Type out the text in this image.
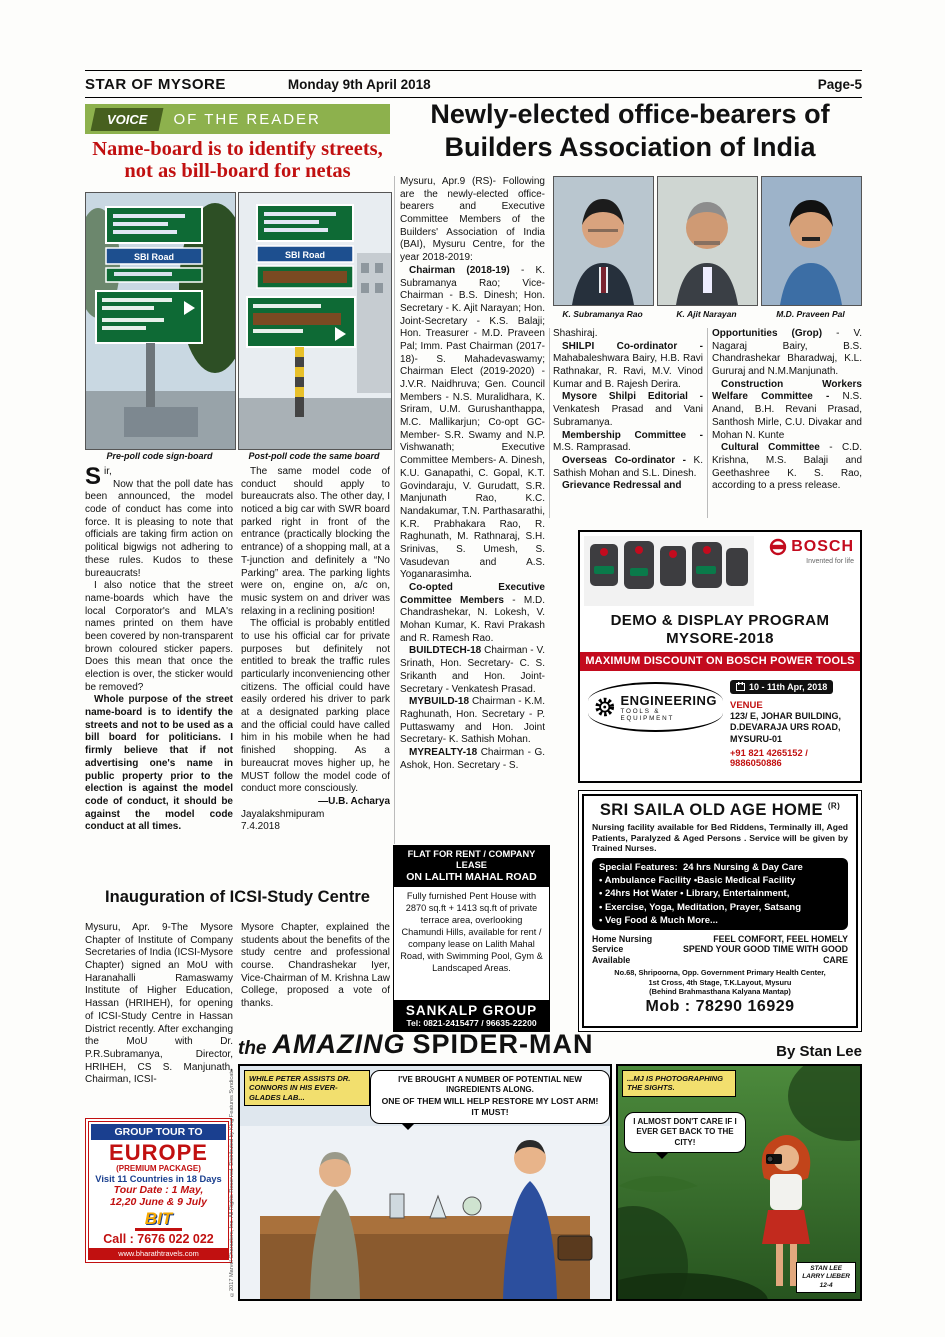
STAR OF MYSORE	Monday 9th April 2018	Page-5
VOICE	OF THE READER
Name-board is to identify streets,
not as bill-board for netas
SBI Road	SBI Road
Pre-poll code sign-board	Post-poll code the same board

Sir,

Now that the poll date has been announced, the model code of conduct has come into force. It is pleasing to note that officials are taking firm action on political bigwigs not adhering to these rules. Kudos to these bureaucrats!

I also notice that the street name-boards which have the local Corporator's and MLA's names printed on them have been covered by non-transparent brown coloured sticker papers. Does this mean that once the election is over, the sticker would be removed?

Whole purpose of the street name-board is to identify the streets and not to be used as a bill board for politicians. I firmly believe that if not advertising one's name in public property prior to the election is against the model code of conduct, it should be against the model code conduct at all times.

The same model code of conduct should apply to bureaucrats also. The other day, I noticed a big car with SWR board parked right in front of the entrance (practically blocking the entrance) of a shopping mall, at a T-junction and definitely a “No Parking” area. The parking lights were on, engine on, a/c on, music system on and driver was relaxing in a reclining position!

The official is probably entitled to use his official car for private purposes but definitely not entitled to break the traffic rules particularly inconveniencing other citizens. The official could have easily ordered his driver to park at a designated parking place and the official could have called him in his mobile when he had finished shopping. As a bureaucrat moves higher up, he MUST follow the model code of conduct more consciously.

—U.B. Acharya

Jayalakshmipuram

7.4.2018

Newly-elected office-bearers of
Builders Association of India

Mysuru, Apr.9 (RS)- Following are the newly-elected office-bearers and Executive Committee Members of the Builders' Association of India (BAI), Mysuru Centre, for the year 2018-2019:

Chairman (2018-19) - K. Subramanya Rao; Vice-Chairman - B.S. Dinesh; Hon. Secretary - K. Ajit Narayan; Hon. Joint-Secretary - K.S. Balaji; Hon. Treasurer - M.D. Praveen Pal; Imm. Past Chairman (2017-18)- S. Mahadevaswamy; Chairman Elect (2019-2020) - J.V.R. Naidhruva; Gen. Council Members - N.S. Muralidhara, K. Sriram, U.M. Gurushanthappa, M.C. Mallikarjun; Co-opt GC-Member- S.R. Swamy and N.P. Vishwanath; Executive Committee Members- A. Dinesh, K.U. Ganapathi, C. Gopal, K.T. Govindaraju, V. Gurudatt, S.R. Manjunath Rao, K.C. Nandakumar, T.N. Parthasarathi, K.R. Prabhakara Rao, R. Raghunath, M. Rathnaraj, S.H. Srinivas, S. Umesh, S. Vasudevan and A.S. Yoganarasimha.

Co-opted Executive Committee Members - M.D. Chandrashekar, N. Lokesh, V. Mohan Kumar, K. Ravi Prakash and R. Ramesh Rao.

BUILDTECH-18 Chairman - V. Srinath, Hon. Secretary- C. S. Srikanth and Hon. Joint-Secretary - Venkatesh Prasad.

MYBUILD-18 Chairman - K.M. Raghunath, Hon. Secretary - P. Puttaswamy and Hon. Joint Secretary- K. Sathish Mohan.

MYREALTY-18 Chairman - G. Ashok, Hon. Secretary - S.

K. Subramanya Rao	K. Ajit Narayan	M.D. Praveen Pal

Shashiraj.

SHILPI Co-ordinator - Mahabaleshwara Bairy, H.B. Ravi Rathnakar, R. Ravi, M.V. Vinod Kumar and B. Rajesh Derira.

Mysore Shilpi Editorial - Venkatesh Prasad and Vani Subramanya.

Membership Committee - M.S. Ramprasad.

Overseas Co-ordinator - K. Sathish Mohan and S.L. Dinesh.

Grievance Redressal and

Opportunities (Grop) - V. Nagaraj Bairy, B.S. Chandrashekar Bharadwaj, K.L. Gururaj and N.M.Manjunath.

Construction Workers Welfare Committee - N.S. Anand, B.H. Revani Prasad, Santhosh Mirle, C.U. Divakar and Mohan N. Kunte

Cultural Committee - C.D. Krishna, M.S. Balaji and Geethashree K. S. Rao, according to a press release.

BOSCH
Invented for life
DEMO & DISPLAY PROGRAM
MYSORE-2018
MAXIMUM DISCOUNT ON BOSCH POWER TOOLS
10 - 11th Apr, 2018
ENGINEERING
TOOLS & EQUIPMENT
VENUE
123/ E, JOHAR BUILDING,
D.DEVARAJA URS ROAD,
MYSURU-01
+91 821 4265152 / 9886050886
SRI SAILA OLD AGE HOME $^{(R)}$
Nursing facility available for Bed Riddens, Terminally ill, Aged Patients, Paralyzed & Aged Persons . Service will be given by Trained Nurses.
Special Features: 24 hrs Nursing & Day Care
• Ambulance Facility •Basic Medical Facility
• 24hrs Hot Water • Library, Entertainment,
• Exercise, Yoga, Meditation, Prayer, Satsang
• Veg Food & Much More...
Home Nursing
Service Available
FEEL COMFORT, FEEL HOMELY
SPEND YOUR GOOD TIME WITH GOOD CARE
No.68, Shripoorna, Opp. Government Primary Health Center,
1st Cross, 4th Stage, T.K.Layout, Mysuru
(Behind Brahmasthana Kalyana Mantap)
Mob : 78290 16929
Inauguration of ICSI-Study Centre

Mysuru, Apr. 9-The Mysore Chapter of Institute of Company Secretaries of India (ICSI-Mysore Chapter) signed an MoU with Haranahalli Ramaswamy Institute of Higher Education, Hassan (HRIHEH), for opening of ICSI-Study Centre in Hassan District recently. After exchanging the MoU with Dr. P.R.Subramanya, Director, HRIHEH, CS S. Manjunath, Chairman, ICSI-

Mysore Chapter, explained the students about the benefits of the study centre and professional course. Chandrashekar Iyer, Vice-Chairman of M. Krishna Law College, proposed a vote of thanks.

FLAT FOR RENT / COMPANY LEASE
ON LALITH MAHAL ROAD
Fully furnished Pent House with 2870 sq.ft + 1413 sq.ft of private terrace area, overlooking Chamundi Hills, available for rent / company lease on Lalith Mahal Road, with Swimming Pool, Gym & Landscaped Areas.
SANKALP GROUP
Tel: 0821-2415477 / 96635-22200
GROUP TOUR TO
EUROPE
(PREMIUM PACKAGE)
Visit 11 Countries in 18 Days
Tour Date : 1 May,
12,20 June & 9 July
BIT
Call : 7676 022 022
www.bharathtravels.com	©2017 Marvel Characters, Inc. All Rights Reserved. Distributed by King Features Syndicate
the AMAZING SPIDER-MAN	By Stan Lee
WHILE PETER ASSISTS DR. CONNORS IN HIS EVER-GLADES LAB...
I'VE BROUGHT A NUMBER OF POTENTIAL NEW INGREDIENTS ALONG.
ONE OF THEM WILL HELP RESTORE MY LOST ARM! IT MUST!
...MJ IS PHOTOGRAPHING THE SIGHTS.
I ALMOST DON'T CARE IF I EVER GET BACK TO THE CITY!
STAN LEE
LARRY LIEBER
12-4
